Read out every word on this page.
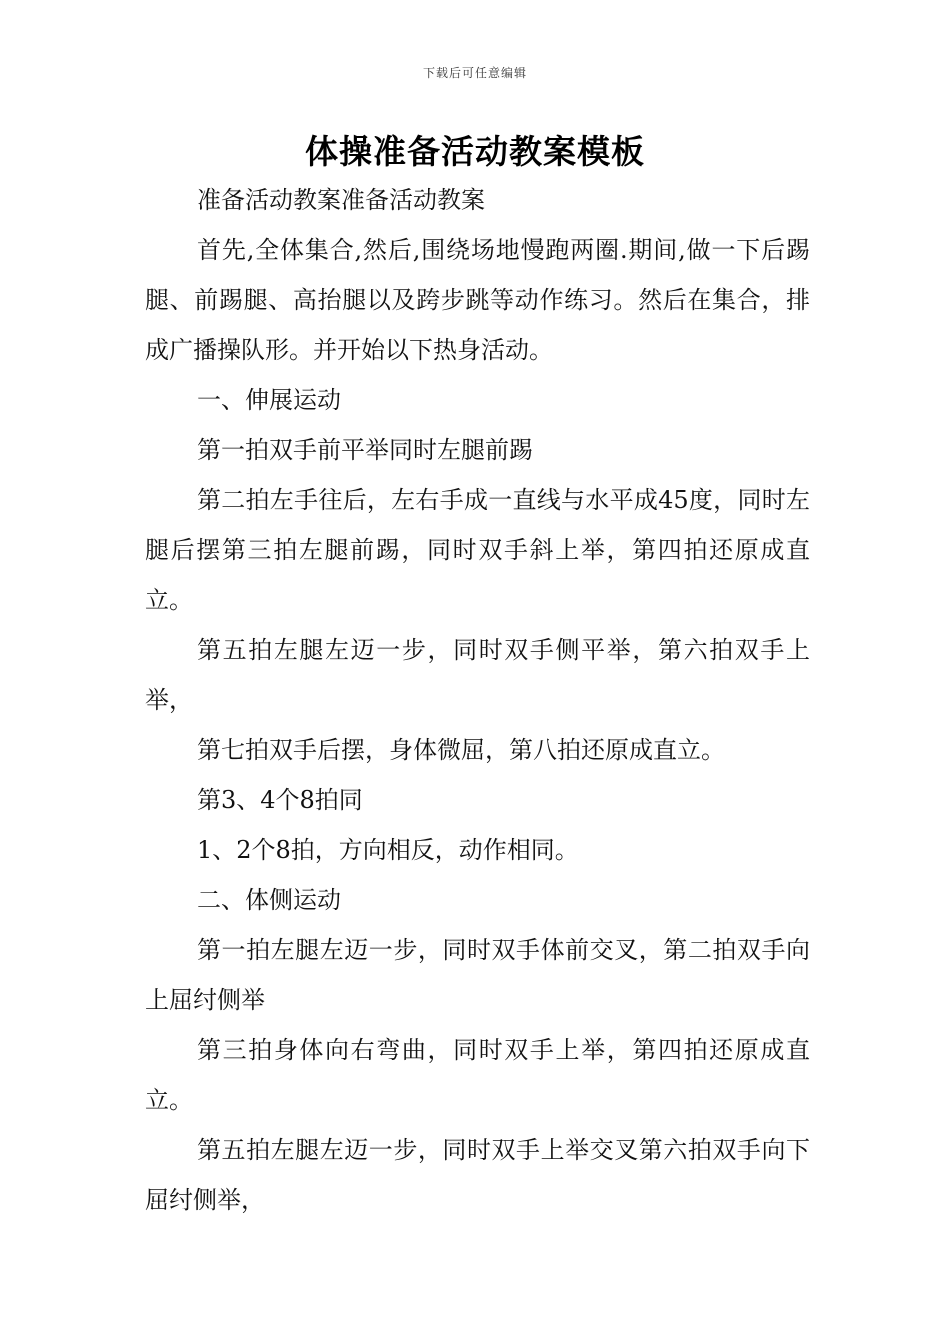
下载后可任意编辑
体操准备活动教案模板

准备活动教案准备活动教案

首先,全体集合,然后,围绕场地慢跑两圈.期间,做一下后踢腿、前踢腿、高抬腿以及跨步跳等动作练习。然后在集合，排成广播操队形。并开始以下热身活动。

一、伸展运动

第一拍双手前平举同时左腿前踢

第二拍左手往后，左右手成一直线与水平成45度，同时左腿后摆第三拍左腿前踢，同时双手斜上举，第四拍还原成直立。

第五拍左腿左迈一步，同时双手侧平举，第六拍双手上举，

第七拍双手后摆，身体微屈，第八拍还原成直立。

第3、4个8拍同

1、2个8拍，方向相反，动作相同。

二、体侧运动

第一拍左腿左迈一步，同时双手体前交叉，第二拍双手向上屈纣侧举

第三拍身体向右弯曲，同时双手上举，第四拍还原成直立。

第五拍左腿左迈一步，同时双手上举交叉第六拍双手向下屈纣侧举，
